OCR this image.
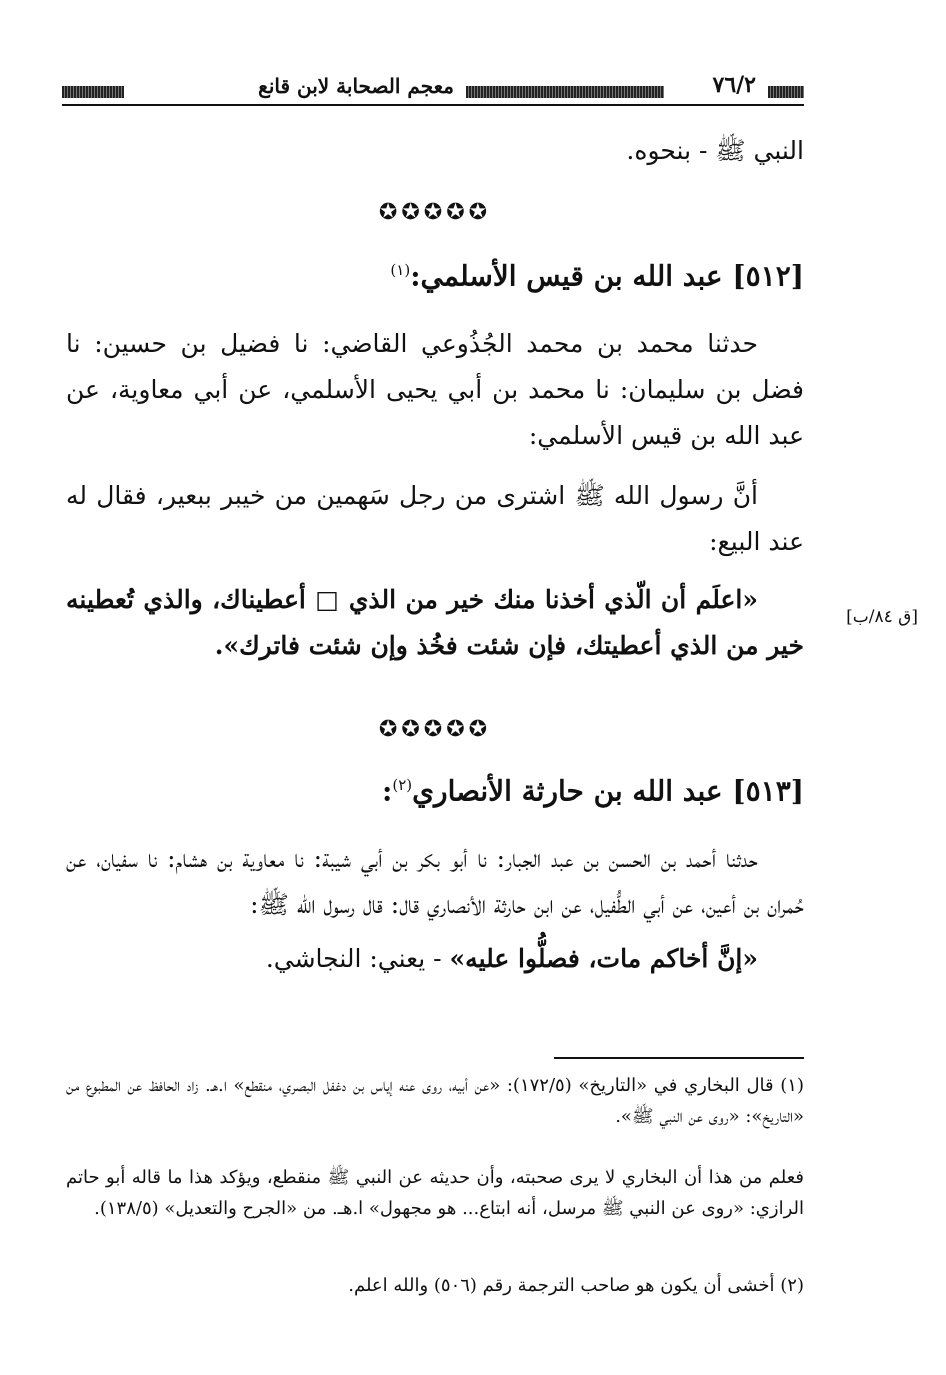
٧٦/٢
معجم الصحابة لابن قانع

النبي ﷺ - بنحوه.

✪✪✪✪✪

[٥١٢] عبد الله بن قيس الأسلمي:$^{(١)}$

حدثنا محمد بن محمد الجُذُوعي القاضي: نا فضيل بن حسين: نا فضل بن سليمان: نا محمد بن أبي يحيى الأسلمي، عن أبي معاوية، عن عبد الله بن قيس الأسلمي:

أنَّ رسول الله ﷺ اشترى من رجل سَهمين من خيبر ببعير، فقال له عند البيع:

«اعلَم أن الّذي أخذنا منك خير من الذي □ أعطيناك، والذي تُعطينه خير من الذي أعطيتك، فإن شئت فخُذ وإن شئت فاترك».

[ق ٨٤/ب]
✪✪✪✪✪

[٥١٣] عبد الله بن حارثة الأنصاري$^{(٢)}$:

حدثنا أحمد بن الحسن بن عبد الجبار: نا أبو بكر بن أبي شيبة: نا معاوية بن هشام: نا سفيان، عن حُمران بن أعين، عن أبي الطُّفيل، عن ابن حارثة الأنصاري قال: قال رسول الله ﷺ:

«إنَّ أخاكم مات، فصلُّوا عليه» - يعني: النجاشي.

(١) قال البخاري في «التاريخ» (١٧٢/٥): «عن أبيه، روى عنه إياس بن دغفل البصري، منقطع» ا.هـ. زاد الحافظ عن المطبوع من «التاريخ»: «روى عن النبي ﷺ».

فعلم من هذا أن البخاري لا يرى صحبته، وأن حديثه عن النبي ﷺ منقطع، ويؤكد هذا ما قاله أبو حاتم الرازي: «روى عن النبي ﷺ مرسل، أنه ابتاع... هو مجهول» ا.هـ. من «الجرح والتعديل» (١٣٨/٥).

(٢) أخشى أن يكون هو صاحب الترجمة رقم (٥٠٦) والله اعلم.
